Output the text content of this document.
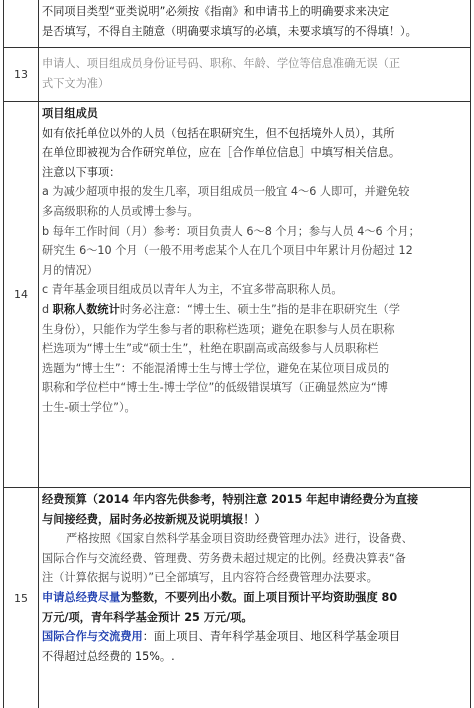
不同项目类型“亚类说明”必须按《指南》和申请书上的明确要求来决定
是否填写，不得自主随意（明确要求填写的必填，未要求填写的不得填！）。
13
申请人、项目组成员身份证号码、职称、年龄、学位等信息准确无误（正
式下文为准）
14
项目组成员
如有依托单位以外的人员（包括在职研究生，但不包括境外人员），其所
在单位即被视为合作研究单位，应在［合作单位信息］中填写相关信息。
注意以下事项：
a 为减少超项申报的发生几率，项目组成员一般宜 4～6 人即可，并避免较
多高级职称的人员或博士参与。
b 每年工作时间（月）参考：项目负责人 6～8 个月；参与人员 4～6 个月；
研究生 6～10 个月（一般不用考虑某个人在几个项目中年累计月份超过 12
月的情况）
c 青年基金项目组成员以青年人为主，不宜多带高职称人员。
d 职称人数统计时务必注意：“博士生、硕士生”指的是非在职研究生（学
生身份），只能作为学生参与者的职称栏选项；避免在职参与人员在职称
栏选项为“博士生”或“硕士生”，杜绝在职副高或高级参与人员职称栏
选题为“博士生”：不能混淆博士生与博士学位，避免在某位项目成员的
职称和学位栏中“博士生-博士学位”的低级错误填写（正确显然应为“博
士生-硕士学位”）。
15
经费预算（2014 年内容先供参考，特别注意 2015 年起申请经费分为直接
与间接经费，届时务必按新规及说明填报！）
严格按照《国家自然科学基金项目资助经费管理办法》进行，设备费、
国际合作与交流经费、管理费、劳务费未超过规定的比例。经费决算表“备
注（计算依据与说明）”已全部填写，且内容符合经费管理办法要求。
申请总经费尽量为整数，不要列出小数。面上项目预计平均资助强度 80
万元/项，青年科学基金预计 25 万元/项。
国际合作与交流费用：面上项目、青年科学基金项目、地区科学基金项目
不得超过总经费的 15%。.
